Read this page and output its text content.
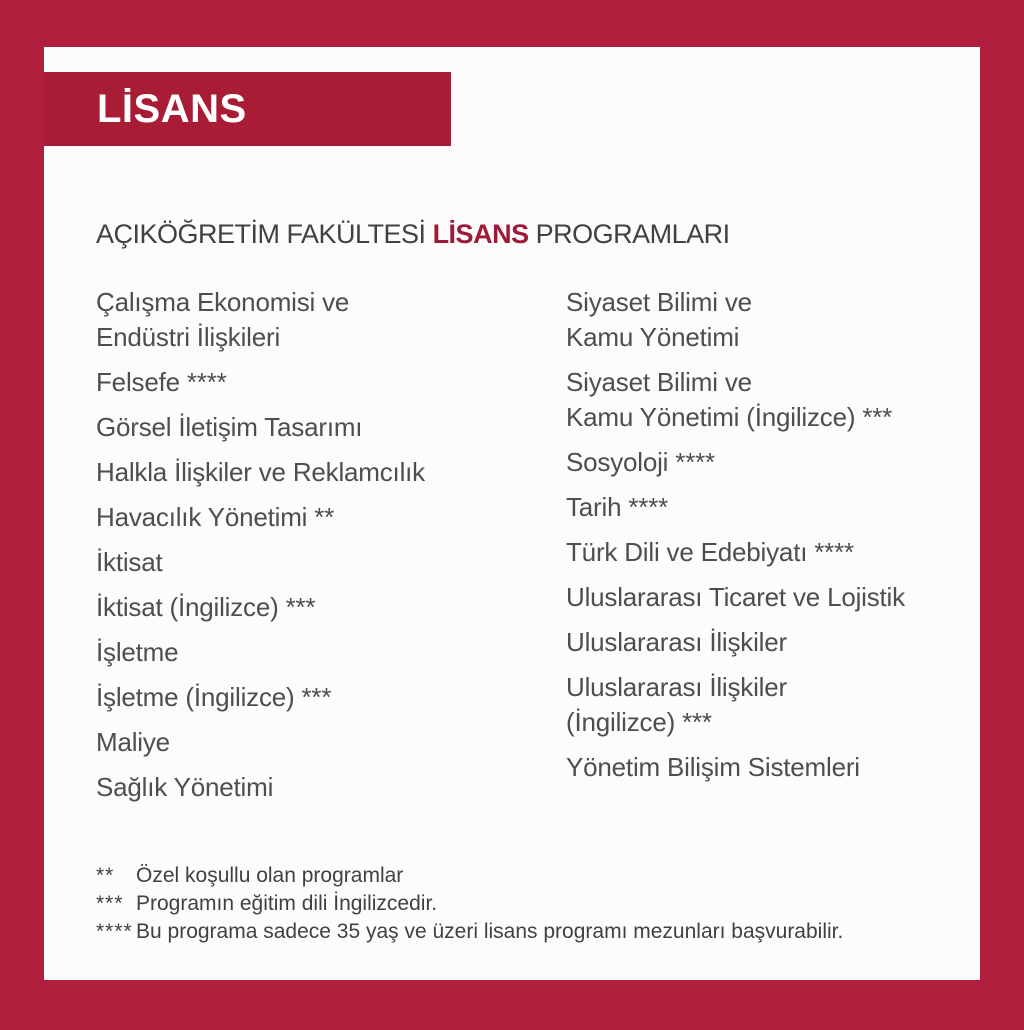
LİSANS
AÇIKÖĞRETİM FAKÜLTESİ LİSANS PROGRAMLARI
Çalışma Ekonomisi ve
Endüstri İlişkileri
Felsefe ****
Görsel İletişim Tasarımı
Halkla İlişkiler ve Reklamcılık
Havacılık Yönetimi **
İktisat
İktisat (İngilizce) ***
İşletme
İşletme (İngilizce) ***
Maliye
Sağlık Yönetimi
Siyaset Bilimi ve
Kamu Yönetimi
Siyaset Bilimi ve
Kamu Yönetimi (İngilizce) ***
Sosyoloji ****
Tarih ****
Türk Dili ve Edebiyatı ****
Uluslararası Ticaret ve Lojistik
Uluslararası İlişkiler
Uluslararası İlişkiler
(İngilizce) ***
Yönetim Bilişim Sistemleri
**	Özel koşullu olan programlar
*** Programın eğitim dili İngilizcedir.
**** Bu programa sadece 35 yaş ve üzeri lisans programı mezunları başvurabilir.
